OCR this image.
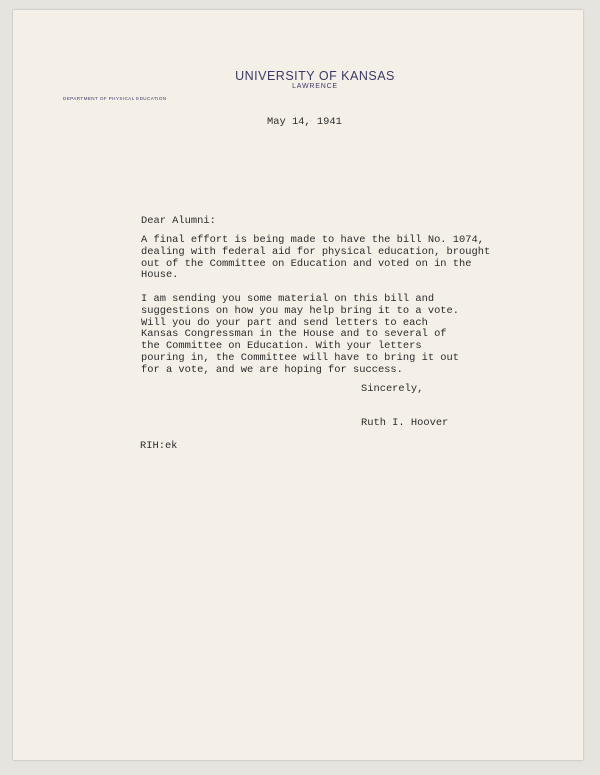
UNIVERSITY OF KANSAS
LAWRENCE
DEPARTMENT OF PHYSICAL EDUCATION
May 14, 1941
Dear Alumni:

A final effort is being made to have the bill No. 1074,
dealing with federal aid for physical education, brought
out of the Committee on Education and voted on in the
House.

I am sending you some material on this bill and
suggestions on how you may help bring it to a vote.
Will you do your part and send letters to each
Kansas Congressman in the House and to several of
the Committee on Education. With your letters
pouring in, the Committee will have to bring it out
for a vote, and we are hoping for success.

Sincerely,
Ruth I. Hoover
RIH:ek
